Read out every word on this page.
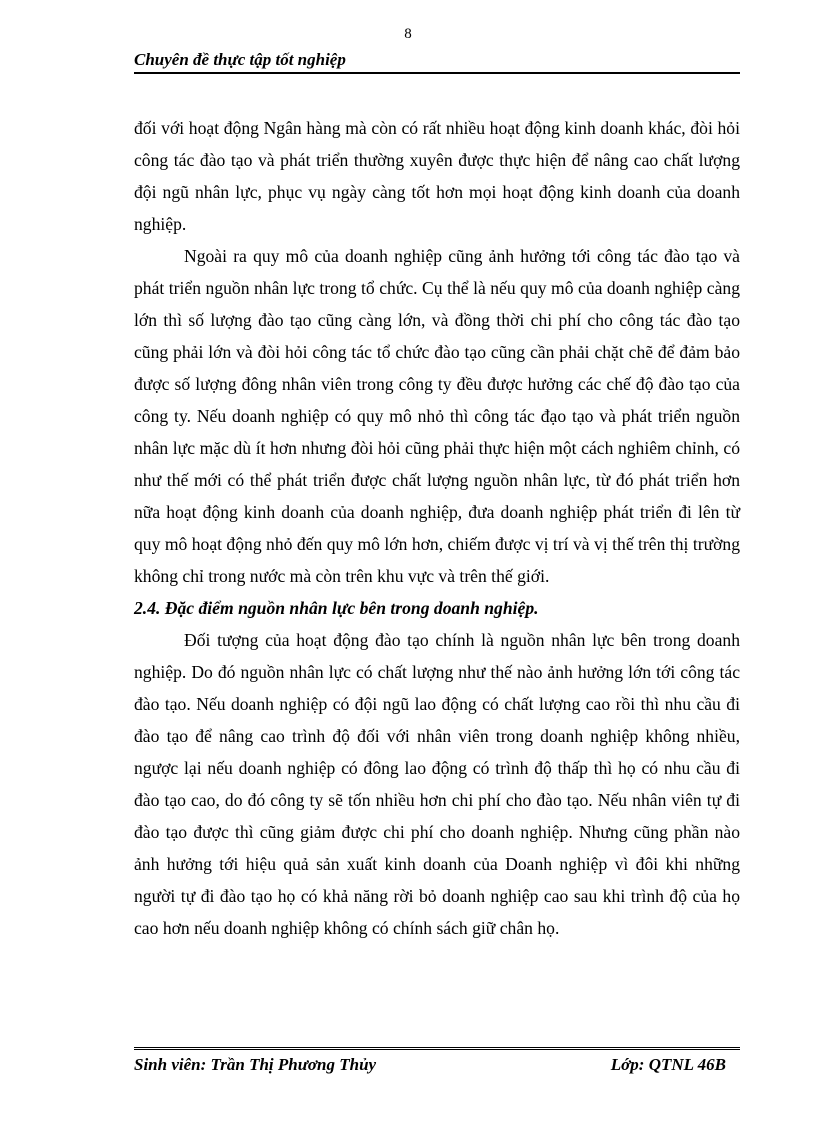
8
Chuyên đề thực tập tốt nghiệp

đối với hoạt động Ngân hàng mà còn có rất nhiều hoạt động kinh doanh khác, đòi hỏi công tác đào tạo và phát triển thường xuyên được thực hiện để nâng cao chất lượng đội ngũ nhân lực, phục vụ ngày càng tốt hơn mọi hoạt động kinh doanh của doanh nghiệp.

Ngoài ra quy mô của doanh nghiệp cũng ảnh hưởng tới công tác đào tạo và phát triển nguồn nhân lực trong tổ chức. Cụ thể là nếu quy mô của doanh nghiệp càng lớn thì số lượng đào tạo cũng càng lớn, và đồng thời chi phí cho công tác đào tạo cũng phải lớn và đòi hỏi công tác tổ chức đào tạo cũng cần phải chặt chẽ để đảm bảo được số lượng đông nhân viên trong công ty đều được hưởng các chế độ đào tạo của công ty. Nếu doanh nghiệp có quy mô nhỏ thì công tác đạo tạo và phát triển nguồn nhân lực mặc dù ít hơn nhưng đòi hỏi cũng phải thực hiện một cách nghiêm chỉnh, có như thế mới có thể phát triển được chất lượng nguồn nhân lực, từ đó phát triển hơn nữa hoạt động kinh doanh của doanh nghiệp, đưa doanh nghiệp phát triển đi lên từ quy mô hoạt động nhỏ đến quy mô lớn hơn, chiếm được vị trí và vị thế trên thị trường không chỉ trong nước mà còn trên khu vực và trên thế giới.

2.4. Đặc điểm nguồn nhân lực bên trong doanh nghiệp.

Đối tượng của hoạt động đào tạo chính là nguồn nhân lực bên trong doanh nghiệp. Do đó nguồn nhân lực có chất lượng như thế nào ảnh hưởng lớn tới công tác đào tạo. Nếu doanh nghiệp có đội ngũ lao động có chất lượng cao rồi thì nhu cầu đi đào tạo để nâng cao trình độ đối với nhân viên trong doanh nghiệp không nhiều, ngược lại nếu doanh nghiệp có đông lao động có trình độ thấp thì họ có nhu cầu đi đào tạo cao, do đó công ty sẽ tốn nhiều hơn chi phí cho đào tạo. Nếu nhân viên tự đi đào tạo được thì cũng giảm được chi phí cho doanh nghiệp. Nhưng cũng phần nào ảnh hưởng tới hiệu quả sản xuất kinh doanh của Doanh nghiệp vì đôi khi những người tự đi đào tạo họ có khả năng rời bỏ doanh nghiệp cao sau khi trình độ của họ cao hơn nếu doanh nghiệp không có chính sách giữ chân họ.

Sinh viên: Trần Thị Phương Thủy	Lớp: QTNL 46B
